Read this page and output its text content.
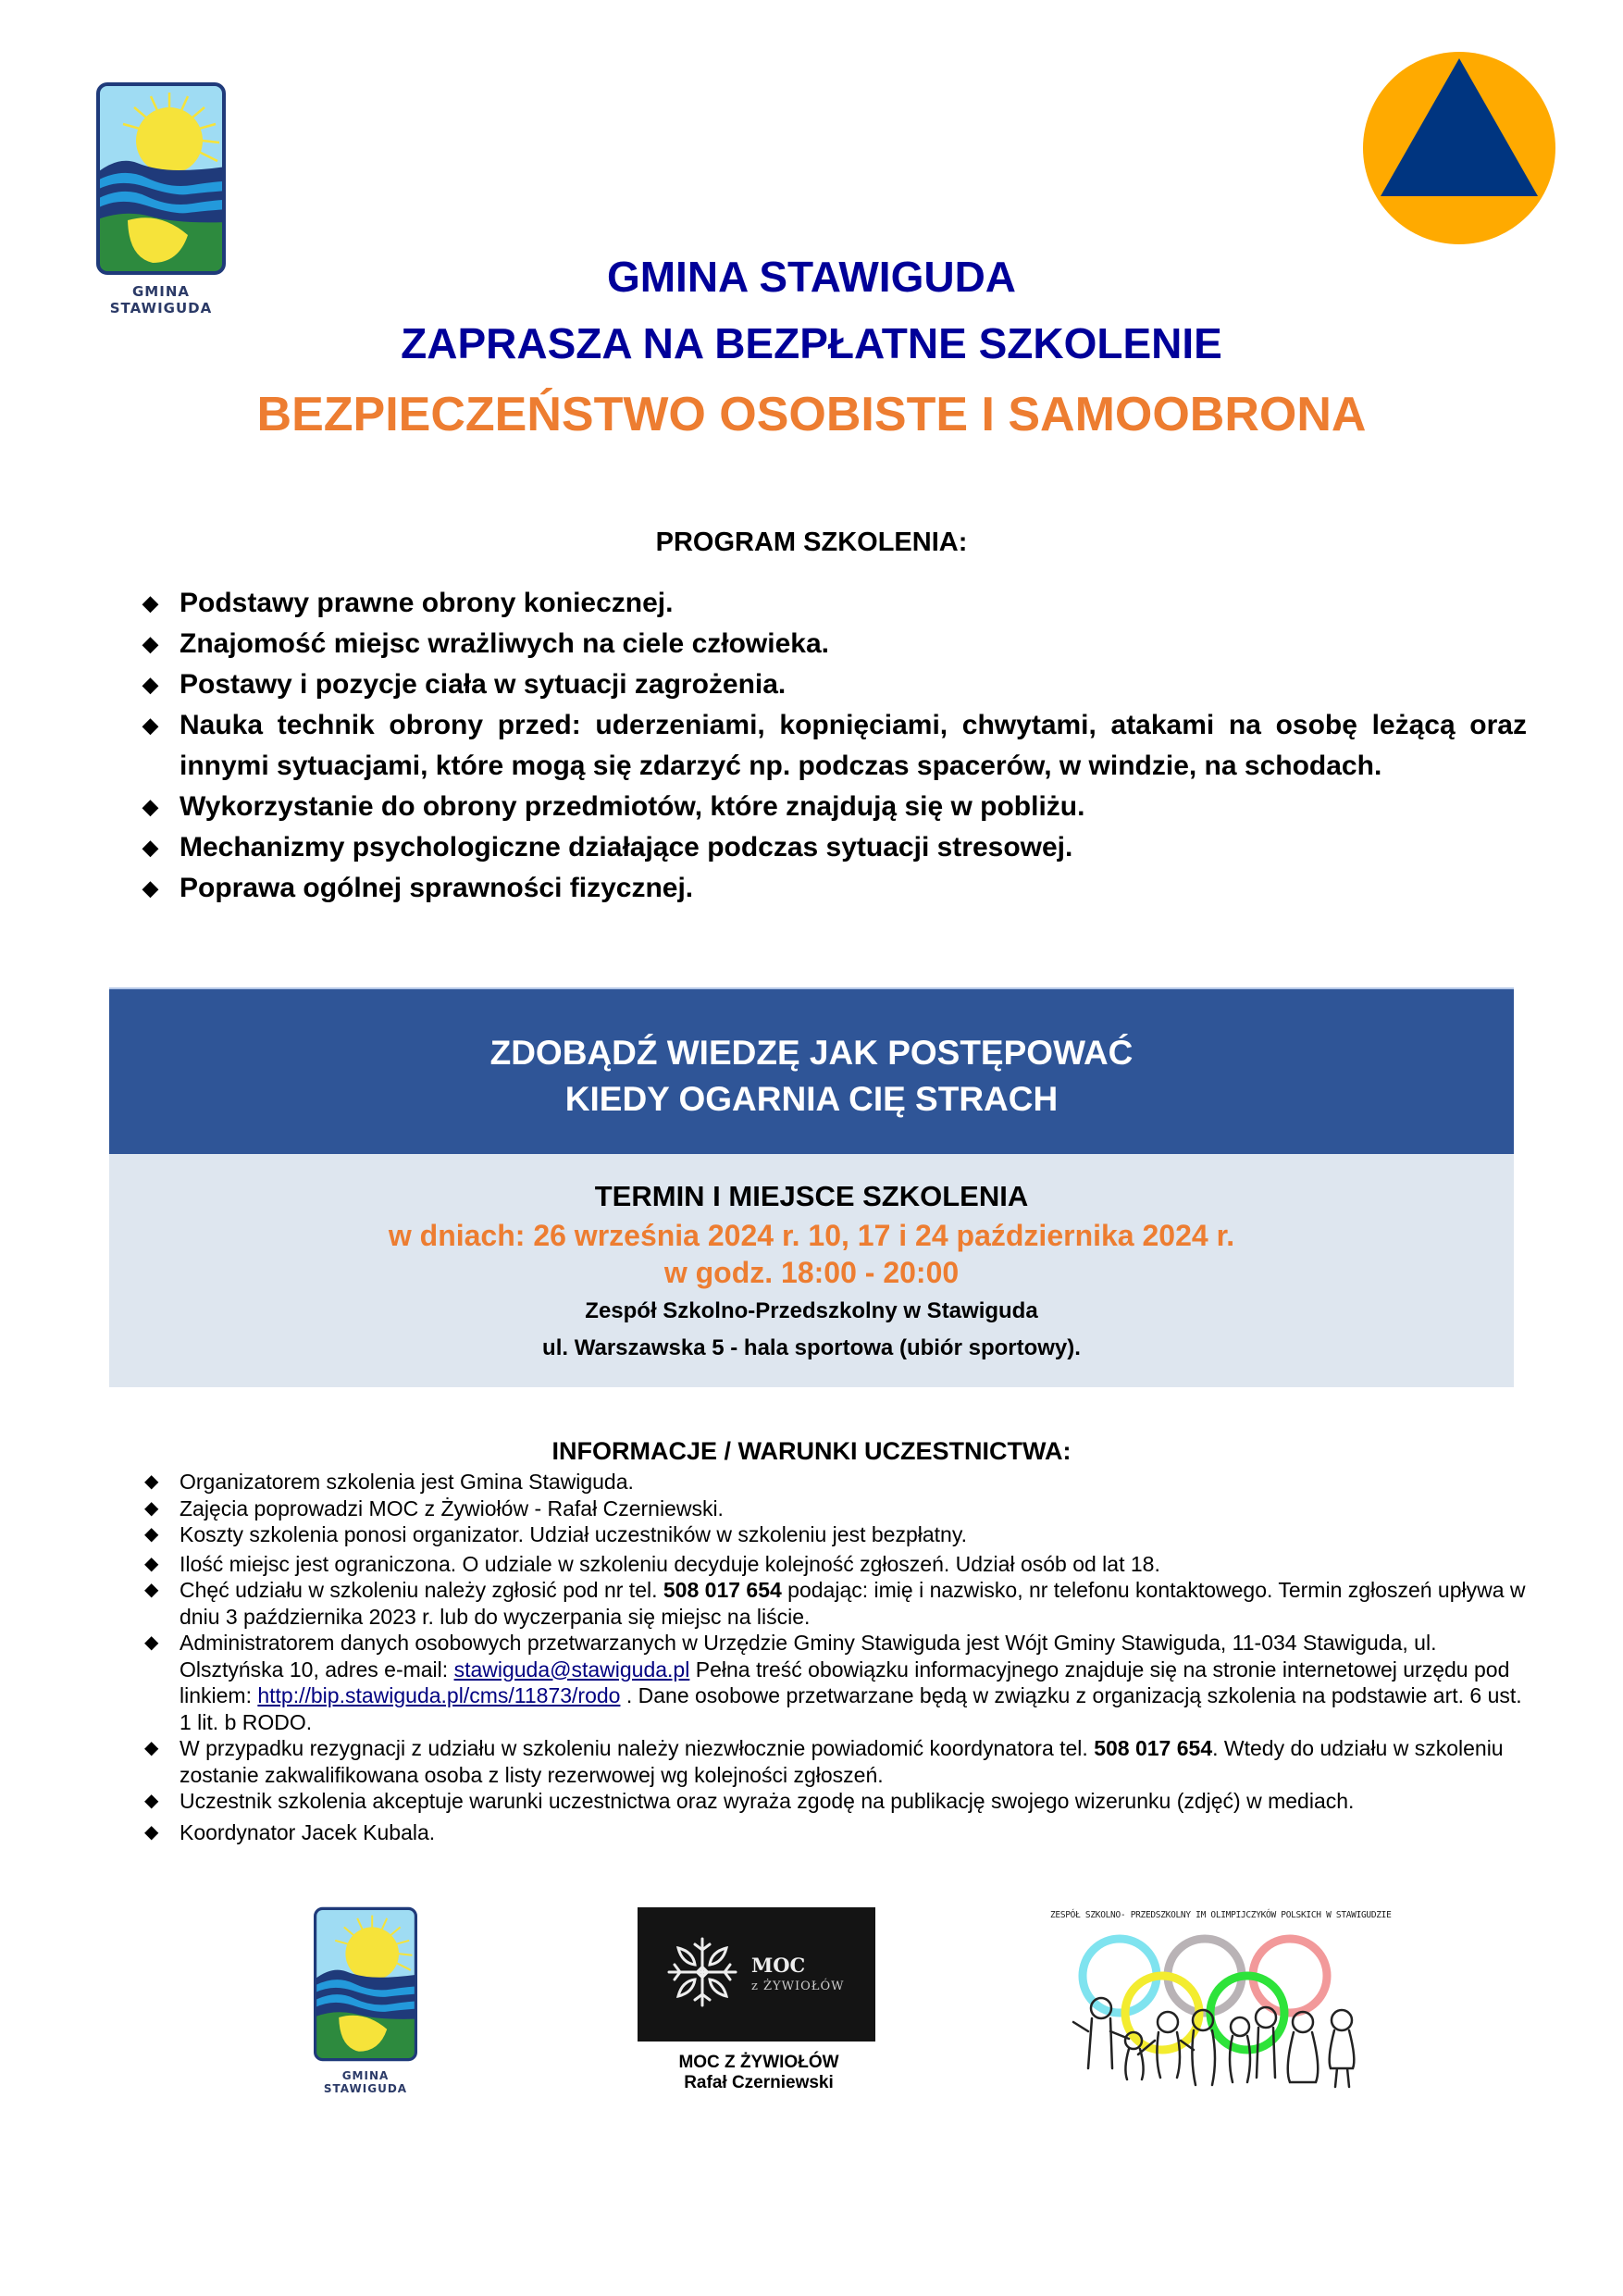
GMINA STAWIGUDA
GMINA STAWIGUDA
ZAPRASZA NA BEZPŁATNE SZKOLENIE
BEZPIECZEŃSTWO OSOBISTE I SAMOOBRONA
PROGRAM SZKOLENIA:
◆ Podstawy prawne obrony koniecznej.
◆ Znajomość miejsc wrażliwych na ciele człowieka.
◆ Postawy i pozycje ciała w sytuacji zagrożenia.
◆ Nauka technik obrony przed: uderzeniami, kopnięciami, chwytami, atakami na osobę leżącą oraz innymi sytuacjami, które mogą się zdarzyć np. podczas spacerów, w windzie, na schodach.
◆ Wykorzystanie do obrony przedmiotów, które znajdują się w pobliżu.
◆ Mechanizmy psychologiczne działające podczas sytuacji stresowej.
◆ Poprawa ogólnej sprawności fizycznej.
ZDOBĄDŹ WIEDZĘ JAK POSTĘPOWAĆ
KIEDY OGARNIA CIĘ STRACH
TERMIN I MIEJSCE SZKOLENIA
w dniach: 26 września 2024 r. 10, 17 i 24 października 2024 r.
w godz. 18:00 - 20:00
Zespół Szkolno-Przedszkolny w Stawiguda
ul. Warszawska 5 - hala sportowa (ubiór sportowy).
INFORMACJE / WARUNKI UCZESTNICTWA:
◆ Organizatorem szkolenia jest Gmina Stawiguda.
◆ Zajęcia poprowadzi MOC z Żywiołów - Rafał Czerniewski.
◆ Koszty szkolenia ponosi organizator. Udział uczestników w szkoleniu jest bezpłatny.
◆ Ilość miejsc jest ograniczona. O udziale w szkoleniu decyduje kolejność zgłoszeń. Udział osób od lat 18.
◆ Chęć udziału w szkoleniu należy zgłosić pod nr tel. 508 017 654 podając: imię i nazwisko, nr telefonu kontaktowego. Termin zgłoszeń upływa w dniu 3 października 2023 r. lub do wyczerpania się miejsc na liście.
◆ Administratorem danych osobowych przetwarzanych w Urzędzie Gminy Stawiguda jest Wójt Gminy Stawiguda, 11-034 Stawiguda, ul. Olsztyńska 10, adres e-mail: stawiguda@stawiguda.pl Pełna treść obowiązku informacyjnego znajduje się na stronie internetowej urzędu pod linkiem: http://bip.stawiguda.pl/cms/11873/rodo . Dane osobowe przetwarzane będą w związku z organizacją szkolenia na podstawie art. 6 ust. 1 lit. b RODO.
◆ W przypadku rezygnacji z udziału w szkoleniu należy niezwłocznie powiadomić koordynatora tel. 508 017 654. Wtedy do udziału w szkoleniu zostanie zakwalifikowana osoba z listy rezerwowej wg kolejności zgłoszeń.
◆ Uczestnik szkolenia akceptuje warunki uczestnictwa oraz wyraża zgodę na publikację swojego wizerunku (zdjęć) w mediach.
◆ Koordynator Jacek Kubala.
GMINA STAWIGUDA
MOC
z ŻYWIOŁÓW
MOC Z ŻYWIOŁÓW
Rafał Czerniewski
ZESPÓŁ SZKOLNO- PRZEDSZKOLNY IM OLIMPIJCZYKÓW POLSKICH W STAWIGUDZIE
